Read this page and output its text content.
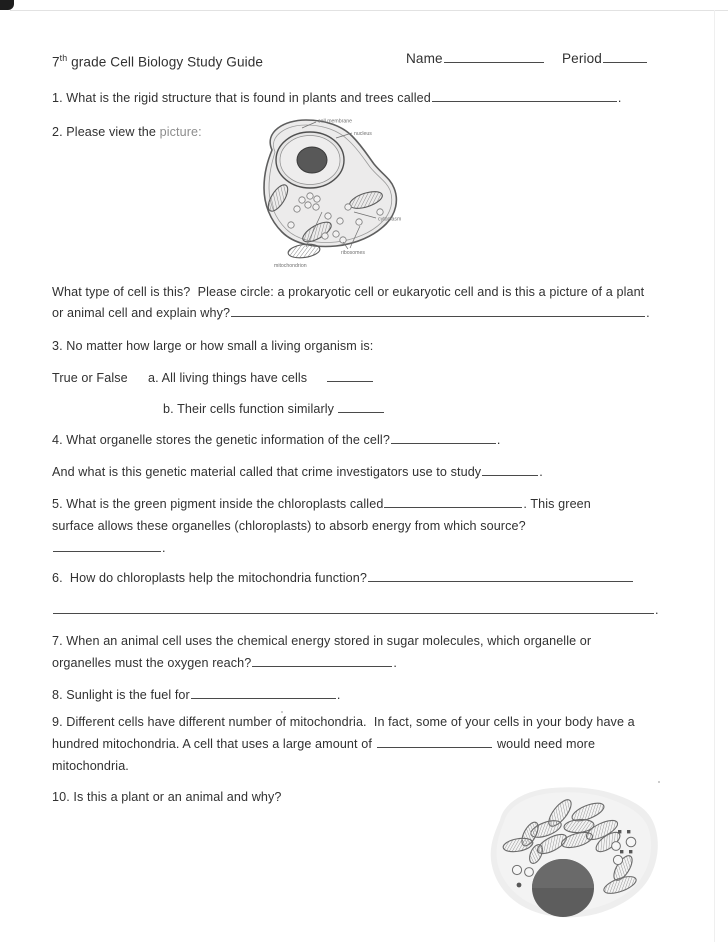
7th grade Cell Biology Study Guide	Name	Period
1. What is the rigid structure that is found in plants and trees called	.
2. Please view the picture:
cell membrane
nucleus
cytoplasm
ribosomes
mitochondrion
What type of cell is this?  Please circle: a prokaryotic cell or eukaryotic cell and is this a picture of a plant
or animal cell and explain why?	.
3. No matter how large or how small a living organism is:
True or False a. All living things have cells
b. Their cells function similarly
4. What organelle stores the genetic information of the cell?	.
And what is this genetic material called that crime investigators use to study	.
5. What is the green pigment inside the chloroplasts called	. This green
surface allows these organelles (chloroplasts) to absorb energy from which source?
.
6.  How do chloroplasts help the mitochondria function?
.
7. When an animal cell uses the chemical energy stored in sugar molecules, which organelle or
organelles must the oxygen reach?	.
8. Sunlight is the fuel for	.
9. Different cells have different number of mitochondria.  In fact, some of your cells in your body have a
hundred mitochondria. A cell that uses a large amount of	would need more
mitochondria.
10. Is this a plant or an animal and why?
